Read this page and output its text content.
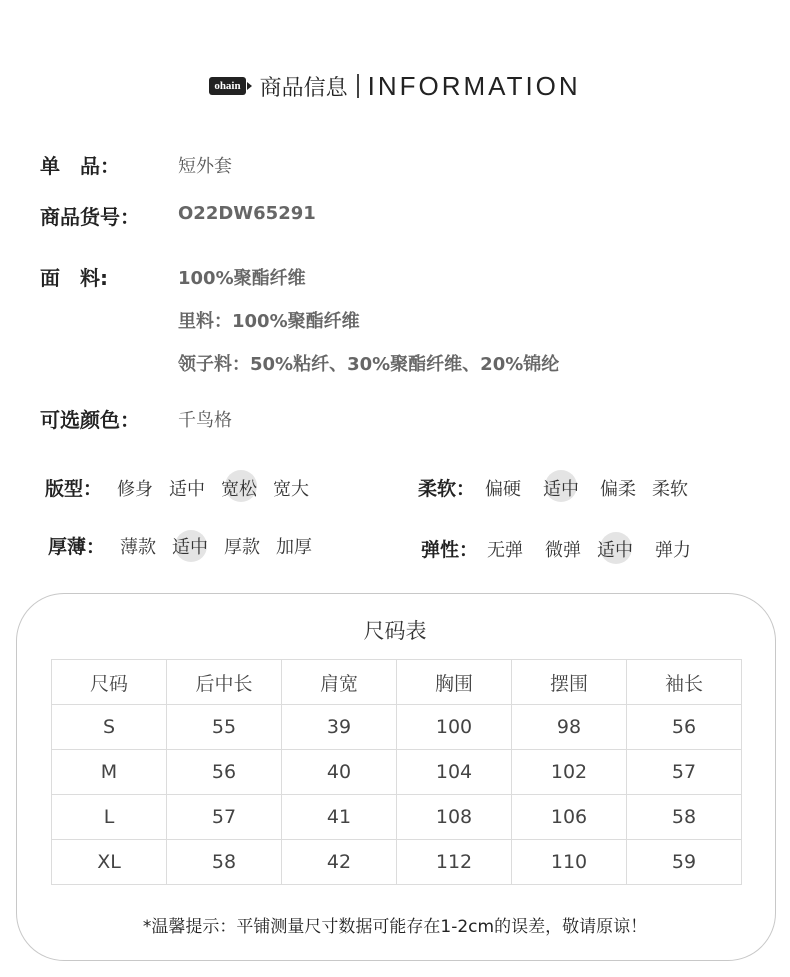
ohain 商品信息 INFORMATION
单　品：	短外套
商品货号： O22DW65291
面　料:	100%聚酯纤维
里料：100%聚酯纤维
领子料：50%粘纤、30%聚酯纤维、20%锦纶
可选颜色： 千鸟格
版型： 修身 适中 宽松 宽大	柔软： 偏硬 适中 偏柔 柔软
厚薄： 薄款 适中 厚款 加厚	弹性： 无弹 微弹 适中 弹力
尺码表
尺码	后中长	肩宽	胸围	摆围	袖长
S	55	39	100	98	56
M	56	40	104	102	57
L	57	41	108	106	58
XL	58	42	112	110	59
*温馨提示：平铺测量尺寸数据可能存在1-2cm的误差，敬请原谅！
